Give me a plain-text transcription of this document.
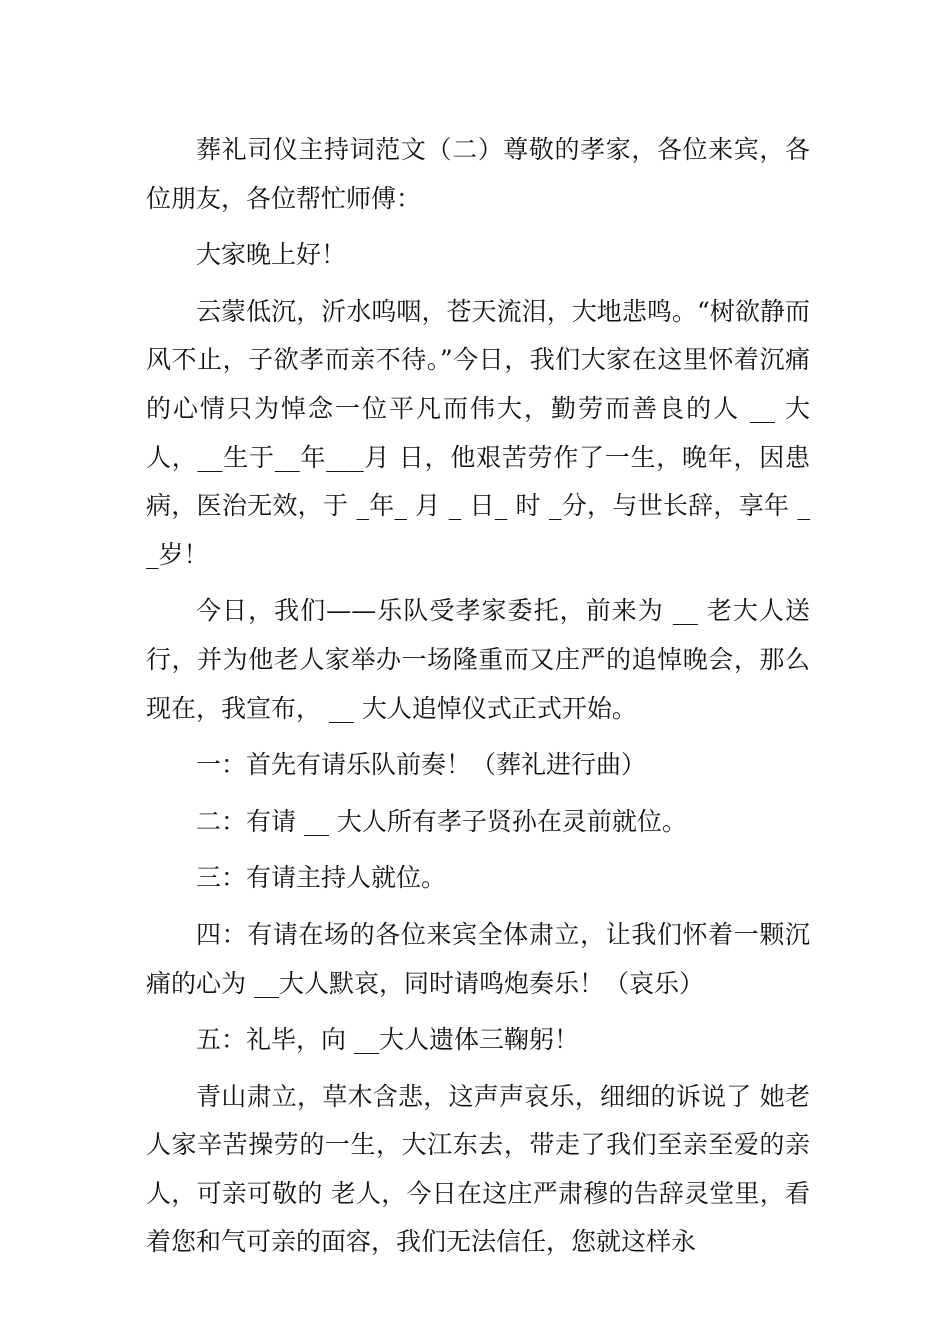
葬礼司仪主持词范文（二）尊敬的孝家，各位来宾，各位朋友，各位帮忙师傅：

大家晚上好！

云蒙低沉，沂水呜咽，苍天流泪，大地悲鸣。“树欲静而风不止，子欲孝而亲不待。”今日，我们大家在这里怀着沉痛的心情只为悼念一位平凡而伟大，勤劳而善良的人 __ 大人，__生于__年___月 日，他艰苦劳作了一生，晚年，因患 病，医治无效，于 _年_ 月 _ 日_ 时 _分，与世长辞，享年 __岁！

今日，我们——乐队受孝家委托，前来为 __ 老大人送行，并为他老人家举办一场隆重而又庄严的追悼晚会，那么现在，我宣布， __ 大人追悼仪式正式开始。

一：首先有请乐队前奏！（葬礼进行曲）

二：有请 __ 大人所有孝子贤孙在灵前就位。

三：有请主持人就位。

四：有请在场的各位来宾全体肃立，让我们怀着一颗沉痛的心为 __大人默哀，同时请鸣炮奏乐！（哀乐）

五：礼毕，向 __大人遗体三鞠躬！

青山肃立，草木含悲，这声声哀乐，细细的诉说了 她老人家辛苦操劳的一生，大江东去，带走了我们至亲至爱的亲人，可亲可敬的 老人，今日在这庄严肃穆的告辞灵堂里，看着您和气可亲的面容，我们无法信任，您就这样永
